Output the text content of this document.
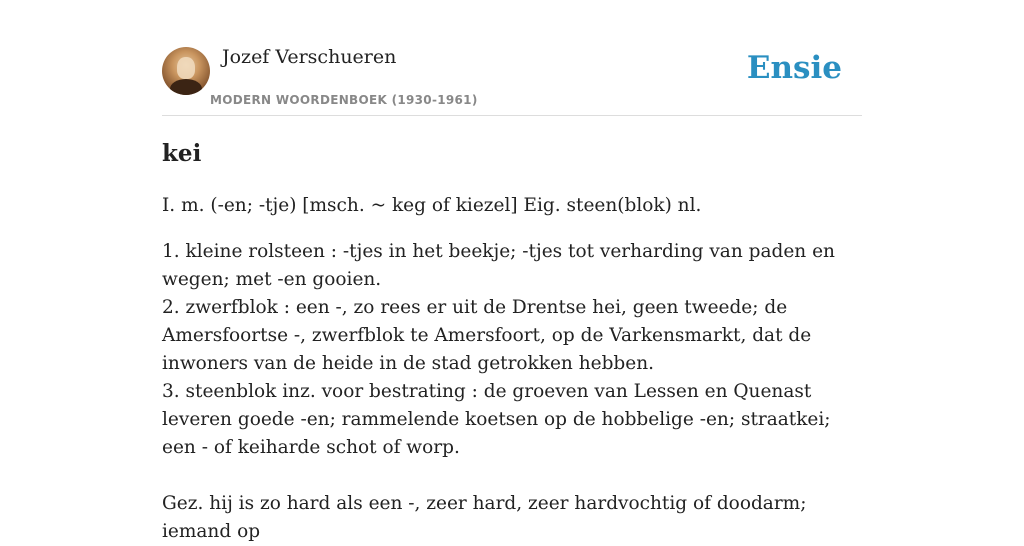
Jozef Verschueren
MODERN WOORDENBOEK (1930-1961)
Ensie
kei

I. m. (-en; -tje) [msch. ~ keg of kiezel] Eig. steen(blok) nl.

1. kleine rolsteen : -tjes in het beekje; -tjes tot verharding van paden en wegen; met -en gooien.

2. zwerfblok : een -, zo rees er uit de Drentse hei, geen tweede; de Amersfoortse -, zwerfblok te Amersfoort, op de Varkensmarkt, dat de inwoners van de heide in de stad getrokken hebben.

3. steenblok inz. voor bestrating : de groeven van Lessen en Quenast leveren goede -en; rammelende koetsen op de hobbelige -en; straatkei; een - of keiharde schot of worp.

Gez. hij is zo hard als een -, zeer hard, zeer hardvochtig of doodarm; iemand op
